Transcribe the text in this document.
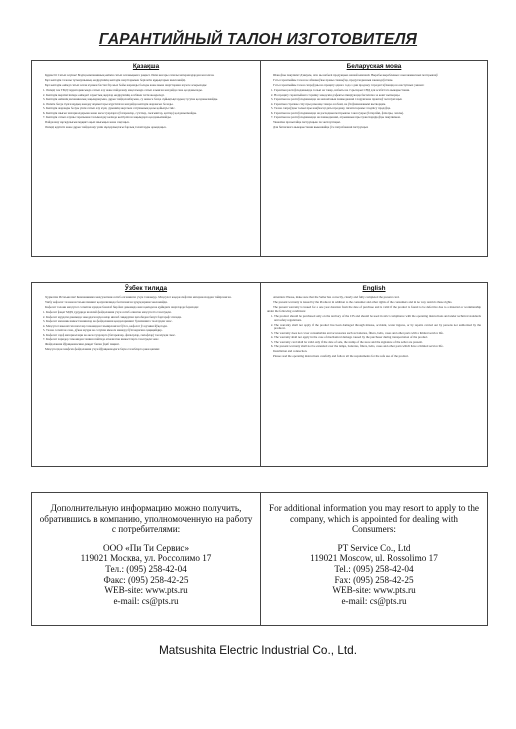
ГАРАНТИЙНЫЙ ТАЛОН ИЗГОТОВИТЕЛЯ
Қазақша

Құрметті Сатып алушы! Біздің компанияның өнімін сатып алғаныңызға рақмет. Өнім жоғары сапалы материалдардан жасалған.

Бұл кепілдік талоны тұтынушының өндірушінің кепілдік шарттарымен берілетін құқықтарын шектемейді.

Бұл кепілдік өнімді сатып алған күннен бастап бір жыл бойы жарамды болады және мына шарттармен жүзеге асырылады:

1. Өнімді тек ТМД территориясында сатып алу және пайдалану мақсатында сатып алынған жағдайда ғана қолданылады.
2. Кепілдік мерзімі ішінде өнімдегі зауыттық ақаулар өндірушінің есебінен тегін жөнделеді.
3. Кепілдік өнімнің механикалық зақымдануына, дұрыс пайдаланбауына, су немесе басқа сұйықтықтардың түсуіне қолданылмайды.
4. Өнімге бөгде тұлғалардың жөндеу жұмыстары жүргізілген жағдайда кепілдік жарамсыз болады.
5. Кепілдік жарамды болуы үшін сатып алу күні, дүкеннің мөрі мен сатушының қолы қойылуы тиіс.
6. Кепілдік шығыс материалдарына және аксессуарларға (батареялар, сүзгілер, сызғыштар, қаптар) қолданылмайды.
7. Кепілдік сатып алушы тарапынан тасымалдау кезінде келтірілген зақымдарға қолданылмайды.

Пайдалану нұсқаулығын мұқият оқып шығыңыз және сақтаңыз.

Өнімді қауіпсіз және дұрыс пайдалану үшін нұсқаулықтағы барлық талаптарды орындаңыз.

Беларуская мова

Шаноўны пакупнік! Дзякуем, што вы набылі прадукцыю нашай кампаніі. Вырабы вырабленыя з высакаякасных матэрыялаў.

Гэты гарантыйны талон не абмяжоўвае правы спажыўца, прадугледжаныя заканадаўствам.

Гэты гарантыйны талон сапраўдны на працягу аднаго года з дня продажу і прадастаўляецца на наступных умовах:

1. Гарантыя распаўсюджваецца толькі на тавар, набыты на тэрыторыі СНД для асабістага выкарыстання.
2. На працягу гарантыйнага тэрміну заводскія дэфекты ліквідуюцца бясплатна за кошт вытворцы.
3. Гарантыя не распаўсюджваецца на механічныя пашкоджанні і парушэнне правілаў эксплуатацыі.
4. Гарантыя страчвае сілу пры рамонце тавара асобамі, не ўпаўнаважанымі вытворцам.
5. Талон сапраўдны толькі пры наяўнасці даты продажу, пячаткі крамы і подпісу прадаўца.
6. Гарантыя не распаўсюджваецца на расходныя матэрыялы і аксесуары (батарэйкі, фільтры, чахлы).
7. Гарантыя не распаўсюджваецца на пашкоджанні, атрыманыя пры транспарціроўцы пакупніком.

Уважліва прачытайце інструкцыю па эксплуатацыі.

Для бяспечнага выкарыстання выконвайце ўсе патрабаванні інструкцыі.

Ўзбек тилида

Ҳурматли Истеъмолчи! Компаниямиз маҳсулотини сотиб олганингиз учун ташаккур. Маҳсулот юқори сифатли материаллардан тайёрланган.

Ушбу кафолат талони истеъмолчининг қонунчиликда белгиланган ҳуқуқларини чекламайди.

Кафолат талони маҳсулот сотилган кундан бошлаб бир йил давомида амал қилади ва қуйидаги шартларда берилади:

1. Кафолат фақат МДҲ ҳудудида шахсий фойдаланиш учун сотиб олинган маҳсулотга тааллуқли.
2. Кафолат муддати давомида заводдаги нуқсонлар ишлаб чиқарувчи ҳисобидан бепул бартараф этилади.
3. Кафолат механик шикастланишлар ва фойдаланиш қоидаларининг бузилишига тааллуқли эмас.
4. Маҳсулот ваколатсиз шахслар томонидан таъмирланган бўлса, кафолат ўз кучини йўқотади.
5. Талон сотилган сана, дўкон муҳри ва сотувчи имзоси мавжуд бўлгандагина ҳақиқийдир.
6. Кафолат сарф материаллари ва аксессуарларга (батареялар, фильтрлар, ғилофлар) тааллуқли эмас.
7. Кафолат харидор томонидан ташиш пайтида етказилган шикастларга тааллуқли эмас.

Фойдаланиш йўриқномасини диққат билан ўқиб чиқинг.

Маҳсулотдан хавфсиз фойдаланиш учун йўриқномадаги барча талабларга риоя қилинг.

English

Attention: Please, make sure that the Seller has correctly, clearly and fully completed the present card.

The present warranty is issued by the Producer in addition to the consumer and other rights of the consumers and in no way restricts these rights.

The present warranty is issued for a one year duration from the date of purchase and is valid if the product is found to be defective due to a material or workmanship under the following conditions:

1. The product should be purchased only on the territory of the CIS and should be used in strict compliance with the operating instructions and under technical standards and safety regulations.
2. The warranty shall not apply if the product has been damaged through misuse, accident, water ingress, or by repairs carried out by persons not authorized by the producer.
3. The warranty does not cover consumables and accessories such as batteries, filters, belts, cases and other parts with a limited service life.
4. The warranty shall not apply in the case of mechanical damage caused by the purchaser during transportation of the product.
5. The warranty card shall be valid only if the date of sale, the stamp of the store and the signature of the seller are present.
6. The present warranty shall not be extended over the lamps, batteries, filters, belts, cases and other parts which have a limited service life.

Installation and connection.

Please read the operating instructions carefully and follow all the requirements for the safe use of the product.

Дополнительную информацию можно получить, обратившись в компанию, уполномоченную на работу с потребителями:
ООО «Пи Ти Сервис»
119021 Москва, ул. Россолимо 17
Тел.: (095) 258-42-04
Факс: (095) 258-42-25
WEB-site: www.pts.ru
e-mail: cs@pts.ru
For additional information you may resort to apply to the company, which is appointed for dealing with Consumers:
PT Service Co., Ltd
119021 Moscow, ul. Rossolimo 17
Tel.: (095) 258-42-04
Fax: (095) 258-42-25
WEB-site: www.pts.ru
e-mail: cs@pts.ru
Matsushita Electric Industrial Co., Ltd.
